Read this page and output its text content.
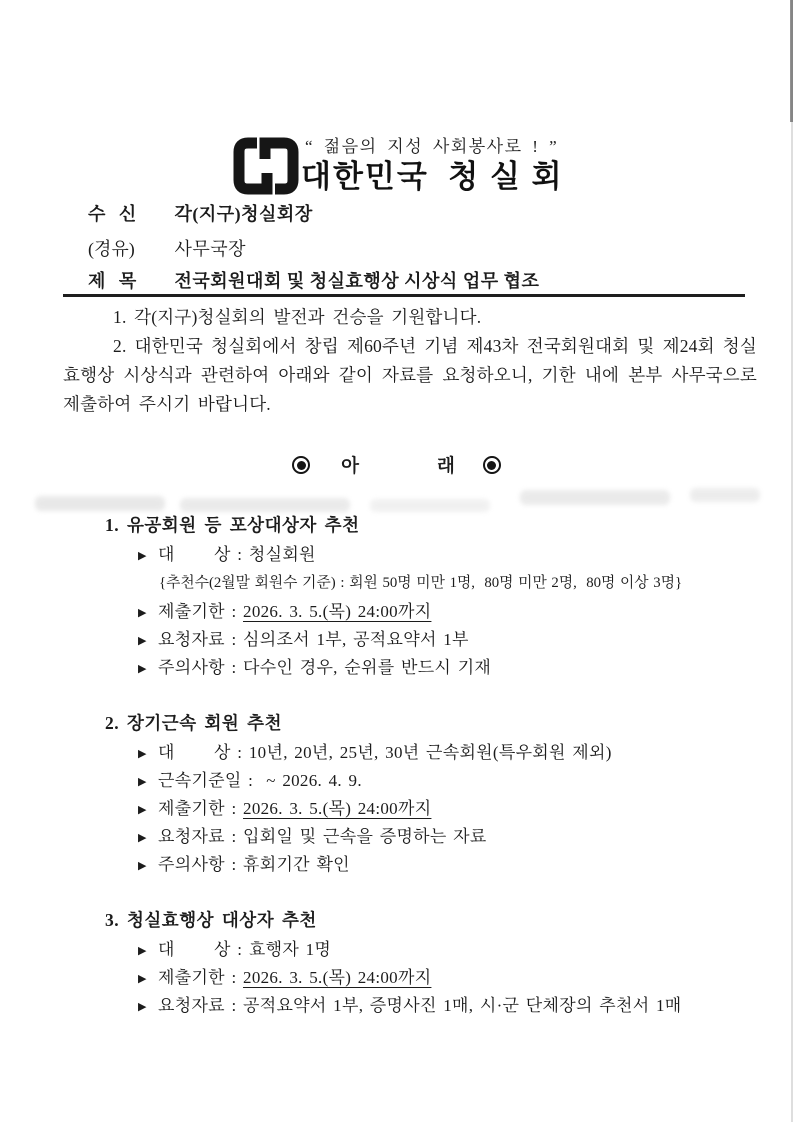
“ 젊음의 지성 사회봉사로 ! ”
대한민국  청 실 회
수   신 각(지구)청실회장
(경유) 사무국장
제   목 전국회원대회 및 청실효행상 시상식 업무 협조

1. 각(지구)청실회의 발전과 건승을 기원합니다.

2. 대한민국 청실회에서 창립 제60주년 기념 제43차 전국회원대회 및 제24회 청실효행상 시상식과 관련하여 아래와 같이 자료를 요청하오니, 기한 내에 본부 사무국으로 제출하여 주시기 바랍니다.

아	래
1. 유공회원 등 포상대상자 추천
▶ 대      상 : 청실회원
{추천수(2월말 회원수 기준) : 회원 50명 미만 1명,  80명 미만 2명,  80명 이상 3명}
▶ 제출기한 : 2026. 3. 5.(목) 24:00까지
▶ 요청자료 : 심의조서 1부, 공적요약서 1부
▶ 주의사항 : 다수인 경우, 순위를 반드시 기재
2. 장기근속 회원 추천
▶ 대      상 : 10년, 20년, 25년, 30년 근속회원(특우회원 제외)
▶ 근속기준일 :  ~ 2026. 4. 9.
▶ 제출기한 : 2026. 3. 5.(목) 24:00까지
▶ 요청자료 : 입회일 및 근속을 증명하는 자료
▶ 주의사항 : 휴회기간 확인
3. 청실효행상 대상자 추천
▶ 대      상 : 효행자 1명
▶ 제출기한 : 2026. 3. 5.(목) 24:00까지
▶ 요청자료 : 공적요약서 1부, 증명사진 1매, 시·군 단체장의 추천서 1매
